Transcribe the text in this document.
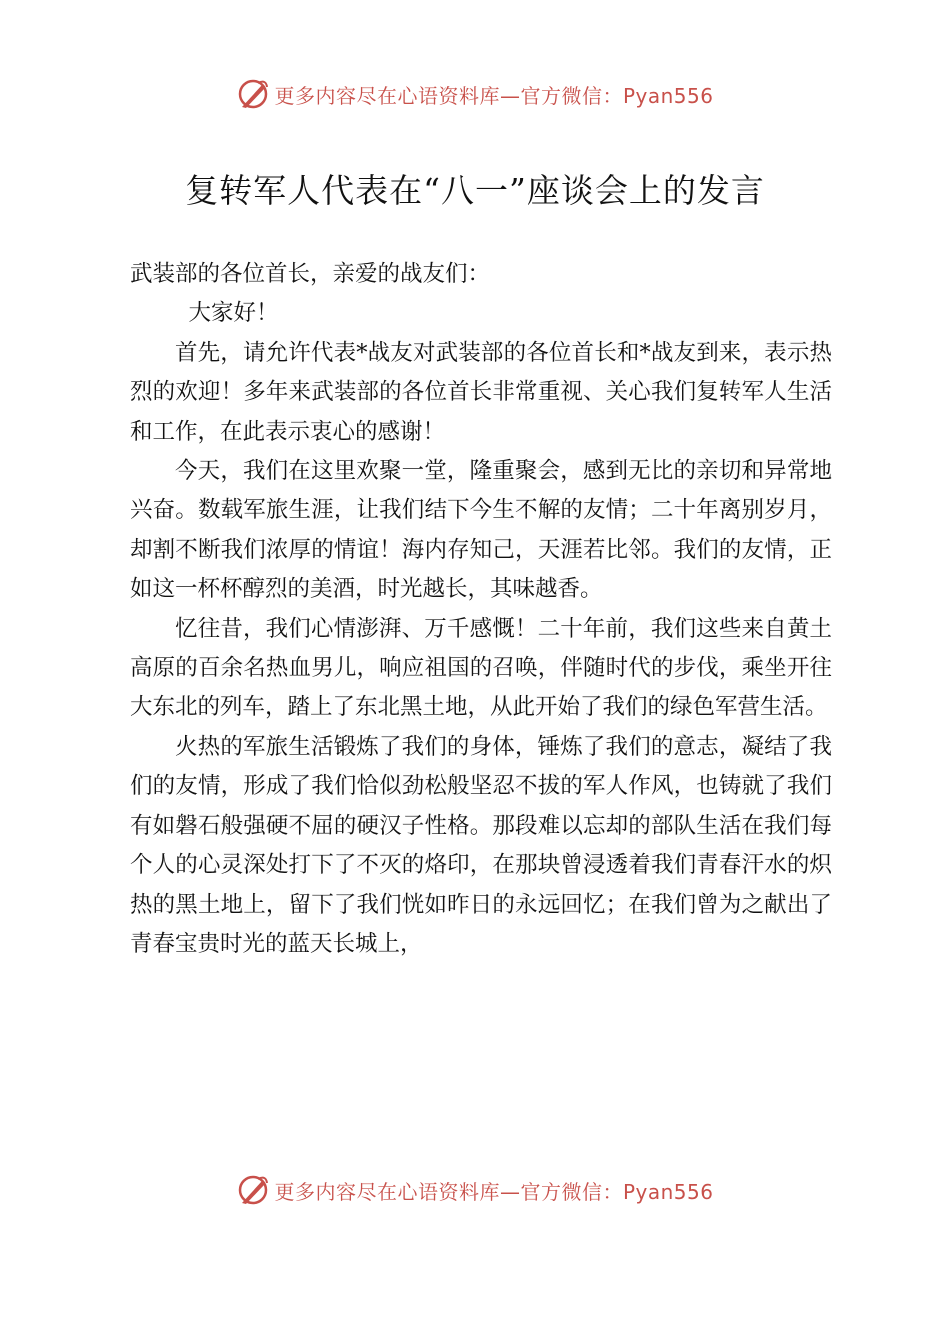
更多内容尽在心语资料库—官方微信：Pyan556
复转军人代表在“八一”座谈会上的发言

武装部的各位首长，亲爱的战友们：

大家好！

首先，请允许代表*战友对武装部的各位首长和*战友到来，表示热烈的欢迎！多年来武装部的各位首长非常重视、关心我们复转军人生活和工作，在此表示衷心的感谢！

今天，我们在这里欢聚一堂，隆重聚会，感到无比的亲切和异常地兴奋。数载军旅生涯，让我们结下今生不解的友情；二十年离别岁月，却割不断我们浓厚的情谊！海内存知己，天涯若比邻。我们的友情，正如这一杯杯醇烈的美酒，时光越长，其味越香。

忆往昔，我们心情澎湃、万千感慨！二十年前，我们这些来自黄土高原的百余名热血男儿，响应祖国的召唤，伴随时代的步伐，乘坐开往大东北的列车，踏上了东北黑土地，从此开始了我们的绿色军营生活。

火热的军旅生活锻炼了我们的身体，锤炼了我们的意志，凝结了我们的友情，形成了我们恰似劲松般坚忍不拔的军人作风，也铸就了我们有如磐石般强硬不屈的硬汉子性格。那段难以忘却的部队生活在我们每个人的心灵深处打下了不灭的烙印，在那块曾浸透着我们青春汗水的炽热的黑土地上，留下了我们恍如昨日的永远回忆；在我们曾为之献出了青春宝贵时光的蓝天长城上，

更多内容尽在心语资料库—官方微信：Pyan556
